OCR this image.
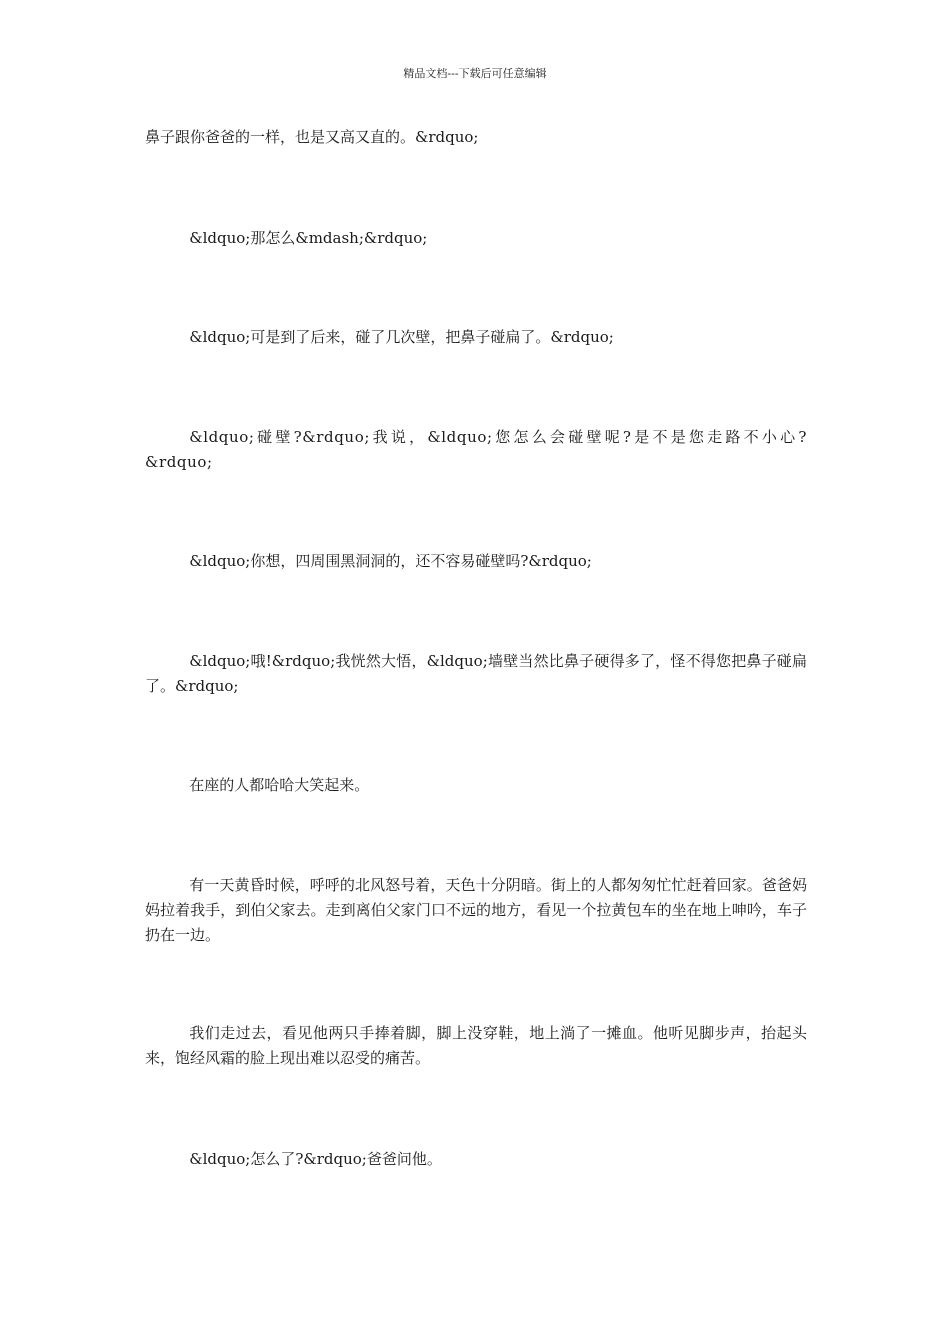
精品文档---下载后可任意编辑

鼻子跟你爸爸的一样，也是又高又直的。&rdquo;

&ldquo;那怎么&mdash;&rdquo;

&ldquo;可是到了后来，碰了几次壁，把鼻子碰扁了。&rdquo;

&ldquo;碰壁?&rdquo;我说，&ldquo;您怎么会碰壁呢?是不是您走路不小心?&rdquo;

&ldquo;你想，四周围黑洞洞的，还不容易碰壁吗?&rdquo;

&ldquo;哦!&rdquo;我恍然大悟，&ldquo;墙壁当然比鼻子硬得多了，怪不得您把鼻子碰扁了。&rdquo;

在座的人都哈哈大笑起来。

有一天黄昏时候，呼呼的北风怒号着，天色十分阴暗。街上的人都匆匆忙忙赶着回家。爸爸妈妈拉着我手，到伯父家去。走到离伯父家门口不远的地方，看见一个拉黄包车的坐在地上呻吟，车子扔在一边。

我们走过去，看见他两只手捧着脚，脚上没穿鞋，地上淌了一摊血。他听见脚步声，抬起头来，饱经风霜的脸上现出难以忍受的痛苦。

&ldquo;怎么了?&rdquo;爸爸问他。
